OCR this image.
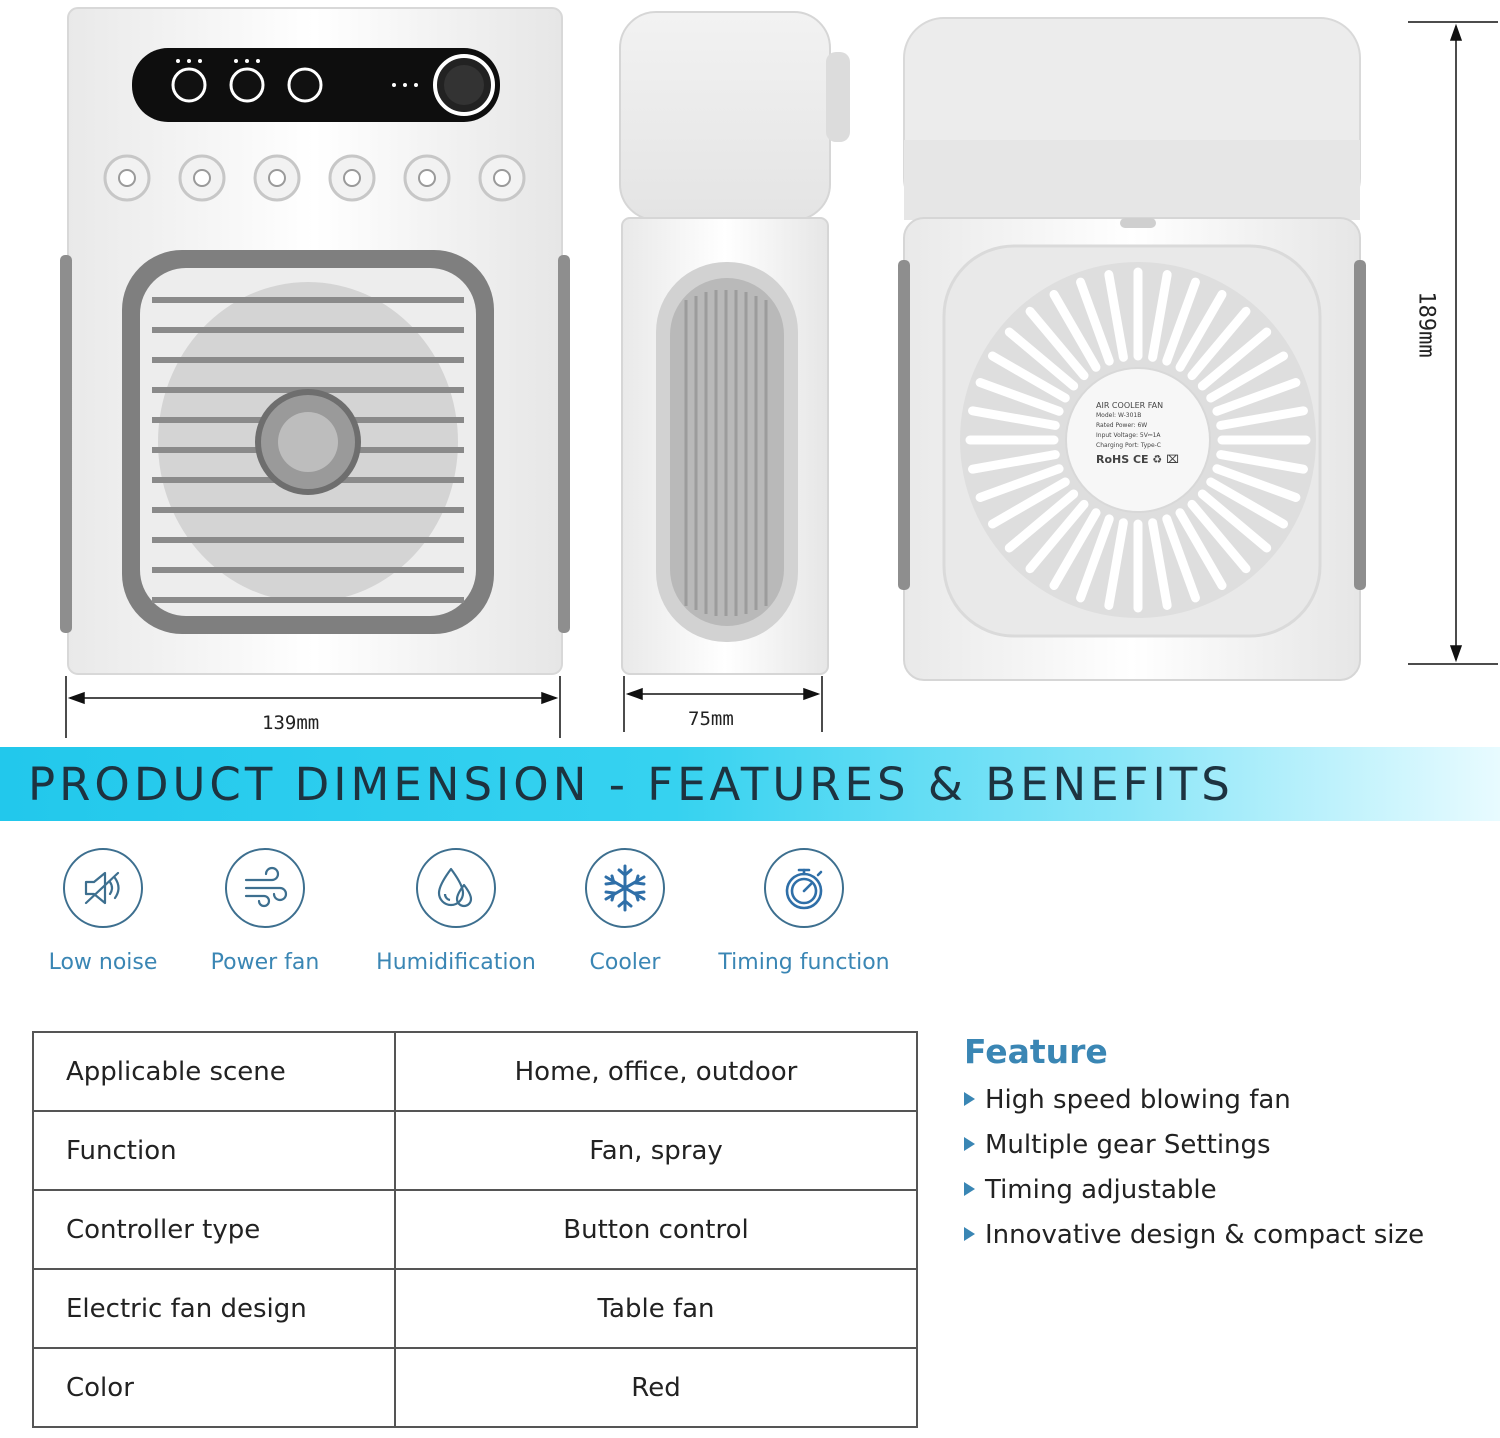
AIR COOLER FAN
Model: W-301B
Rated Power: 6W
Input Voltage: 5V⎓1A
Charging Port: Type-C
RoHS CE ♻ ⌧
139mm	75mm
189mm
PRODUCT DIMENSION - FEATURES & BENEFITS
Low noise	Power fan	Humidification	Cooler	Timing function
Applicable scene	Home, office, outdoor
Function	Fan, spray
Controller type	Button control
Electric fan design	Table fan
Color	Red
Feature
High speed blowing fan
Multiple gear Settings
Timing adjustable
Innovative design & compact size
